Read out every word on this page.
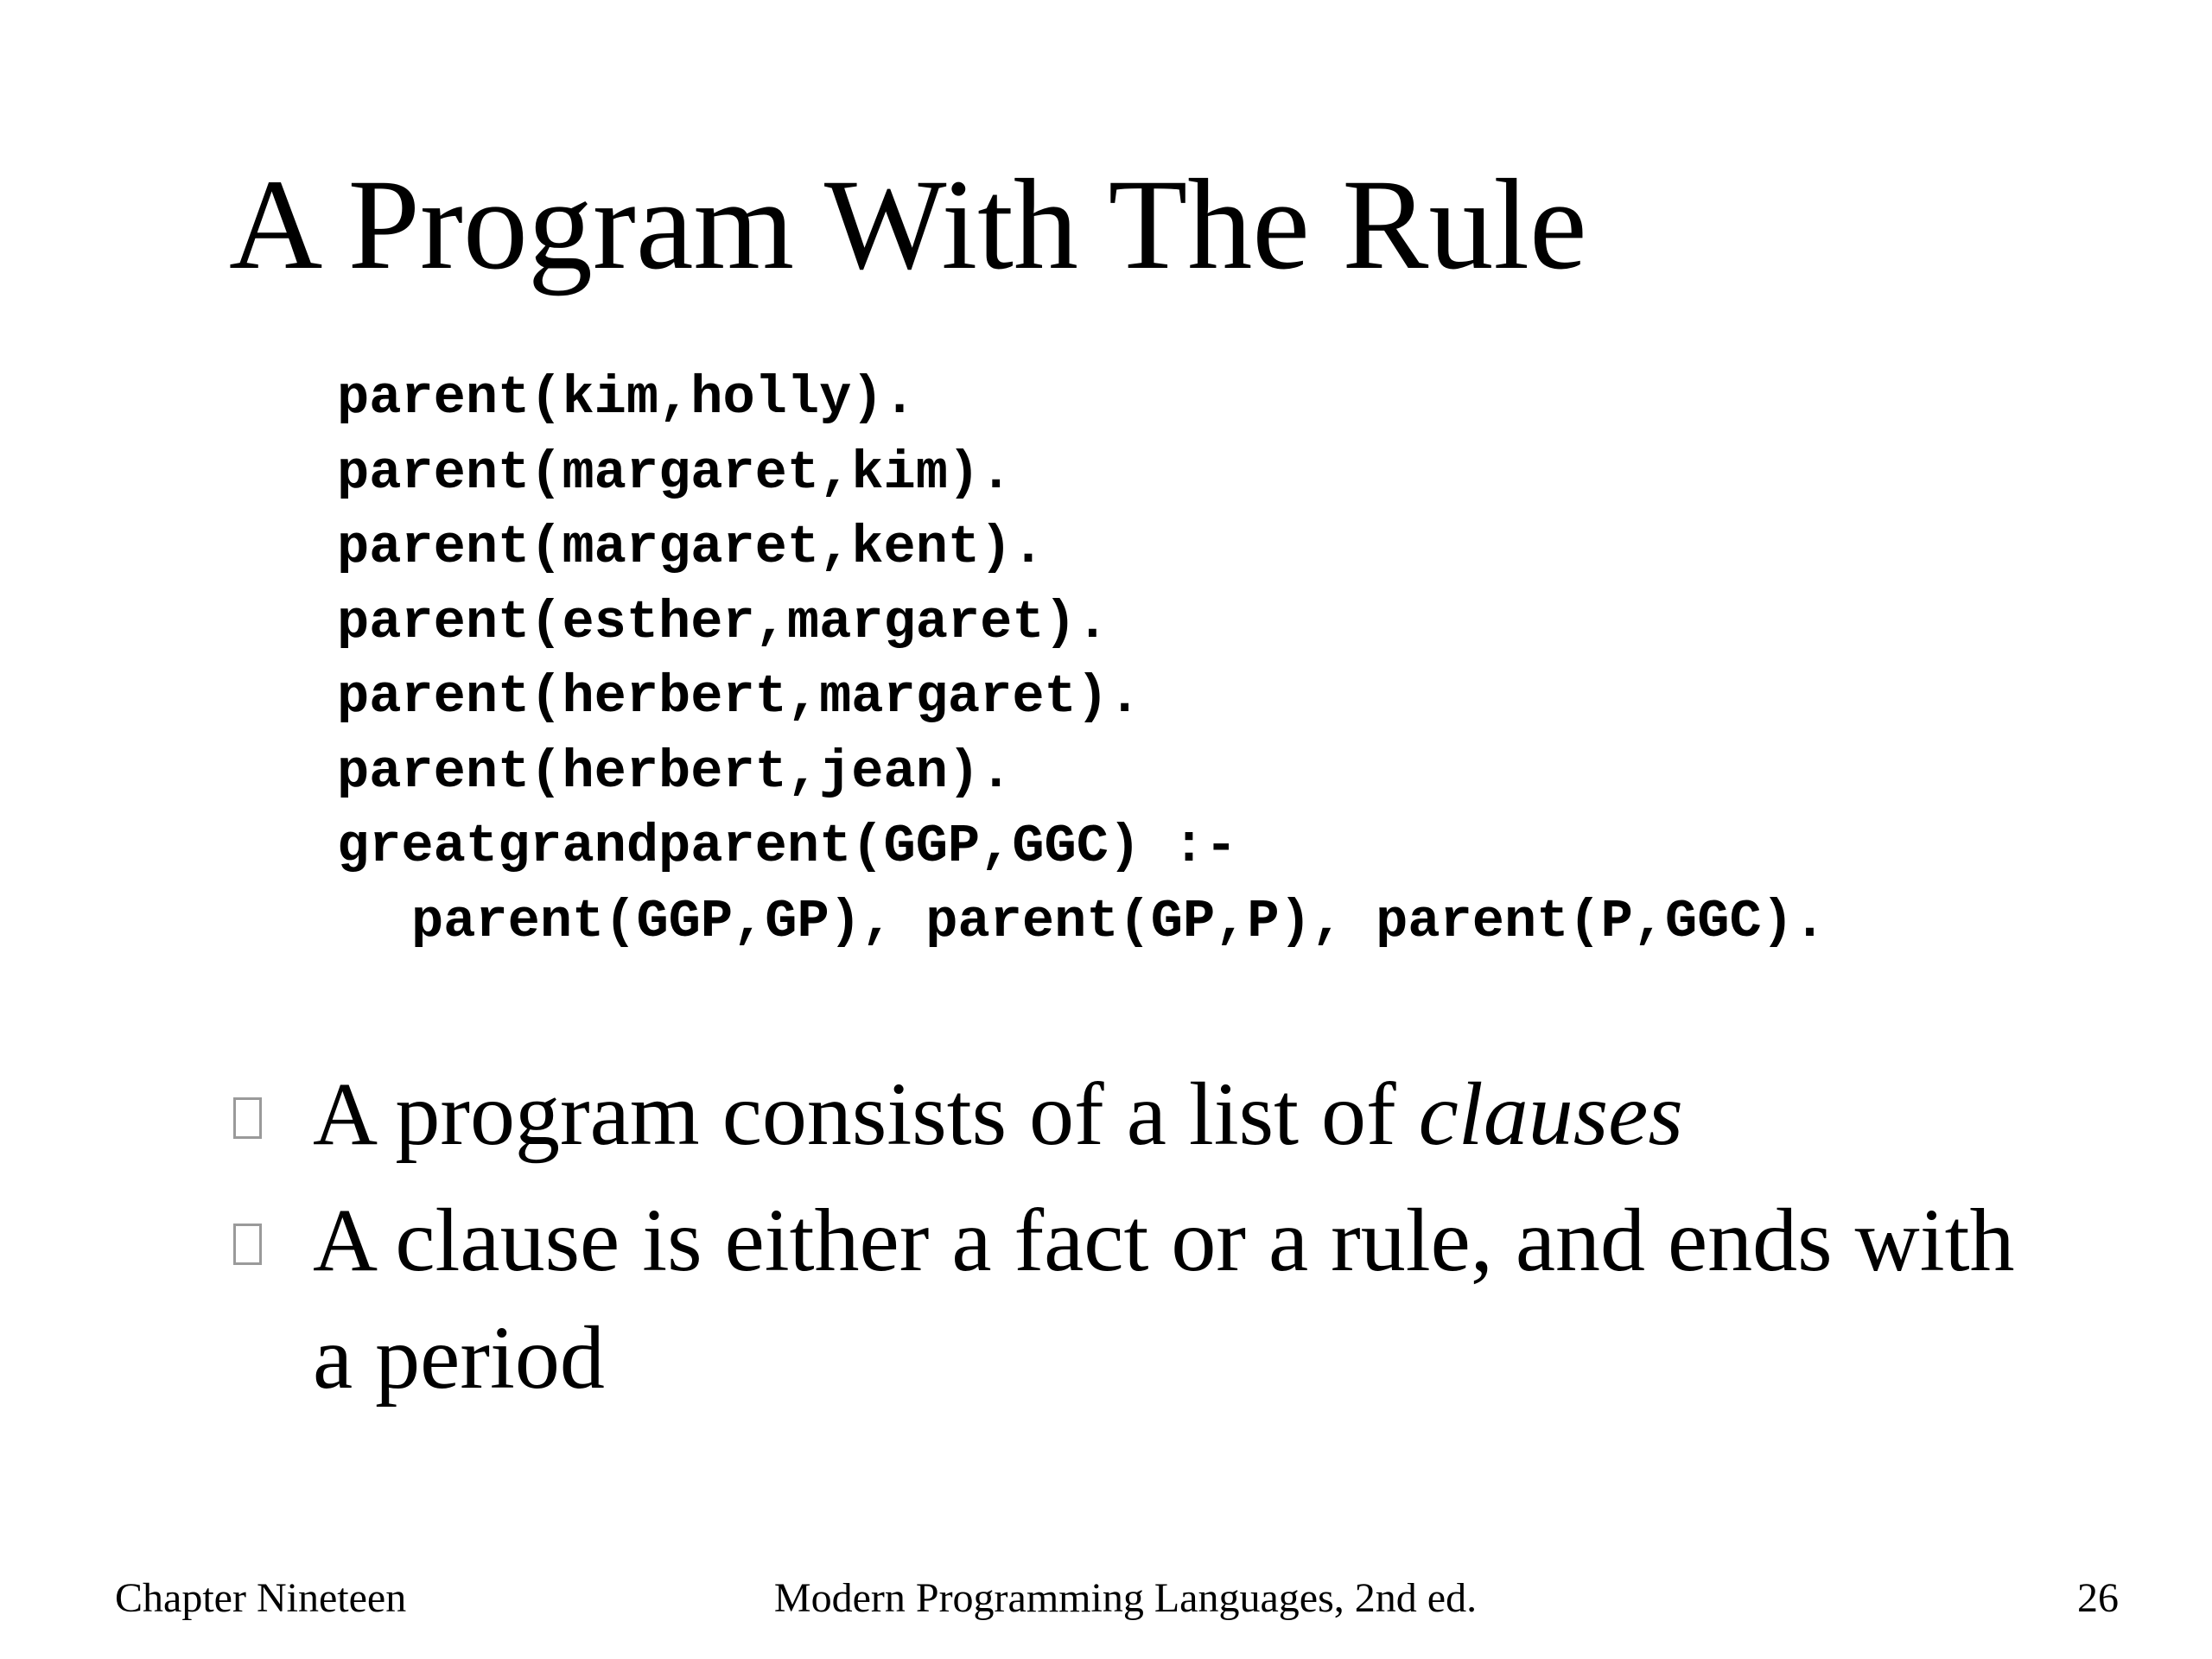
A Program With The Rule
parent(kim,holly).
parent(margaret,kim).
parent(margaret,kent).
parent(esther,margaret).
parent(herbert,margaret).
parent(herbert,jean).
greatgrandparent(GGP,GGC) :-
parent(GGP,GP), parent(GP,P), parent(P,GGC).
A program consists of a list of clauses
A clause is either a fact or a rule, and ends with a period
Chapter Nineteen	Modern Programming Languages, 2nd ed.	26
